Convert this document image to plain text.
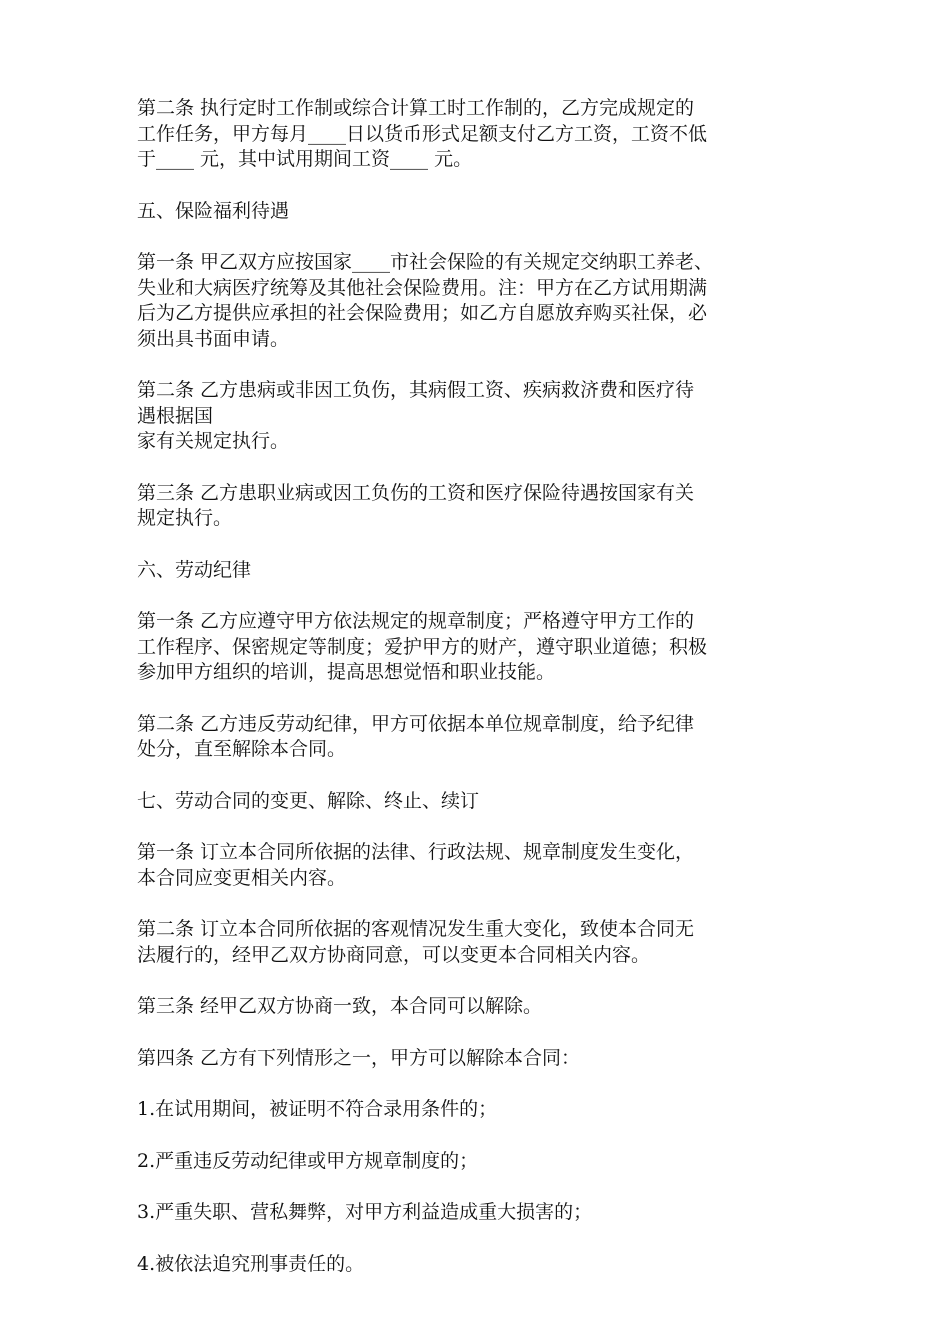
第二条 执行定时工作制或综合计算工时工作制的，乙方完成规定的
工作任务，甲方每月____日以货币形式足额支付乙方工资，工资不低
于____ 元，其中试用期间工资____ 元。
五、保险福利待遇
第一条 甲乙双方应按国家____市社会保险的有关规定交纳职工养老、
失业和大病医疗统筹及其他社会保险费用。注：甲方在乙方试用期满
后为乙方提供应承担的社会保险费用；如乙方自愿放弃购买社保，必
须出具书面申请。
第二条 乙方患病或非因工负伤，其病假工资、疾病救济费和医疗待
遇根据国
家有关规定执行。
第三条 乙方患职业病或因工负伤的工资和医疗保险待遇按国家有关
规定执行。
六、劳动纪律
第一条 乙方应遵守甲方依法规定的规章制度；严格遵守甲方工作的
工作程序、保密规定等制度；爱护甲方的财产，遵守职业道德；积极
参加甲方组织的培训，提高思想觉悟和职业技能。
第二条 乙方违反劳动纪律，甲方可依据本单位规章制度，给予纪律
处分，直至解除本合同。
七、劳动合同的变更、解除、终止、续订
第一条 订立本合同所依据的法律、行政法规、规章制度发生变化，
本合同应变更相关内容。
第二条 订立本合同所依据的客观情况发生重大变化，致使本合同无
法履行的，经甲乙双方协商同意，可以变更本合同相关内容。
第三条 经甲乙双方协商一致，本合同可以解除。
第四条 乙方有下列情形之一，甲方可以解除本合同：
1.在试用期间，被证明不符合录用条件的；
2.严重违反劳动纪律或甲方规章制度的；
3.严重失职、营私舞弊，对甲方利益造成重大损害的；
4.被依法追究刑事责任的。
